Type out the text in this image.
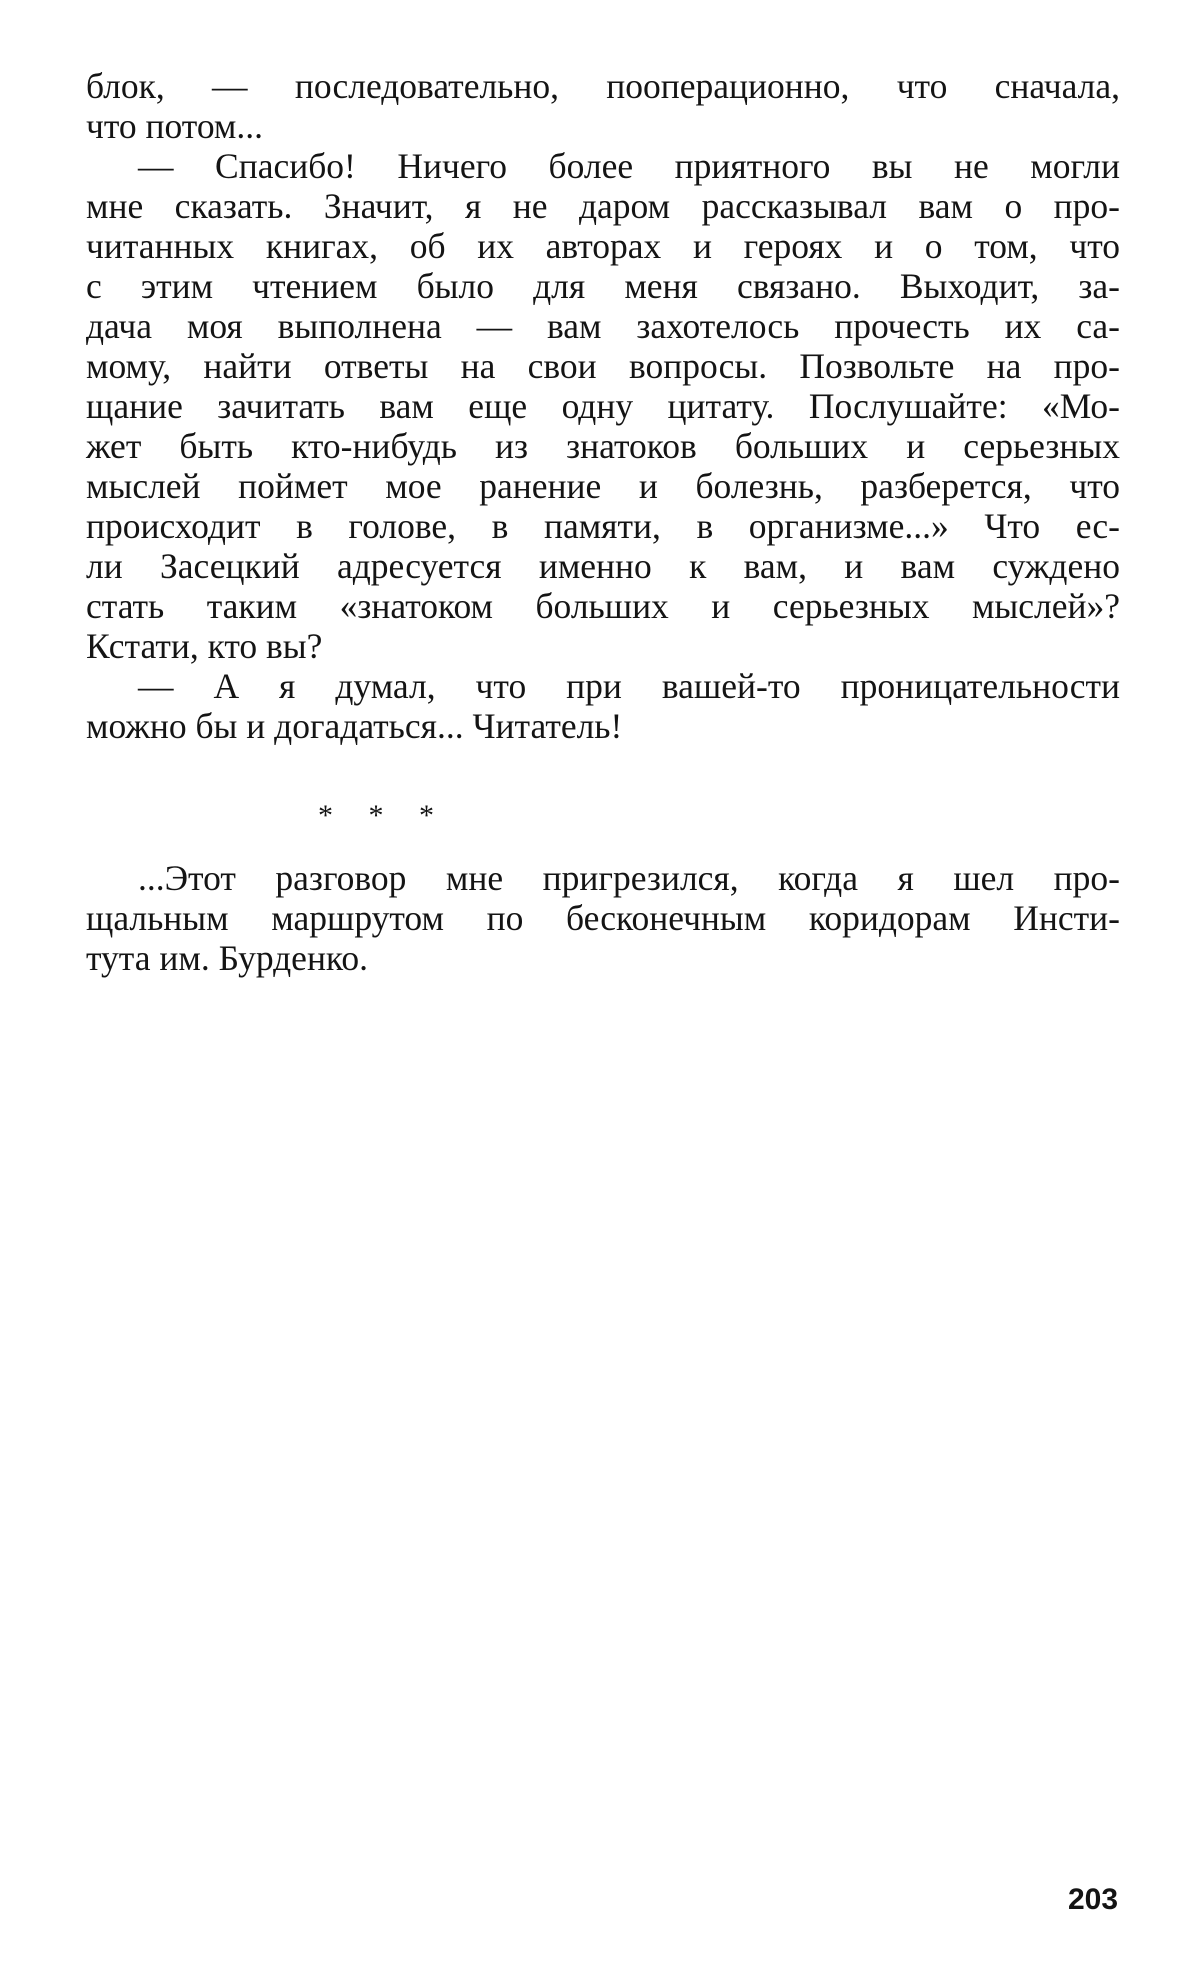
блок, — последовательно, пооперационно, что сначала,
что потом...
— Спасибо! Ничего более приятного вы не могли
мне сказать. Значит, я не даром рассказывал вам о про-
читанных книгах, об их авторах и героях и о том, что
с этим чтением было для меня связано. Выходит, за-
дача моя выполнена — вам захотелось прочесть их са-
мому, найти ответы на свои вопросы. Позвольте на про-
щание зачитать вам еще одну цитату. Послушайте: «Мо-
жет быть кто-нибудь из знатоков больших и серьезных
мыслей поймет мое ранение и болезнь, разберется, что
происходит в голове, в памяти, в организме...» Что ес-
ли Засецкий адресуется именно к вам, и вам суждено
стать таким «знатоком больших и серьезных мыслей»?
Кстати, кто вы?
— А я думал, что при вашей-то проницательности
можно бы и догадаться... Читатель!
* * *
...Этот разговор мне пригрезился, когда я шел про-
щальным маршрутом по бесконечным коридорам Инсти-
тута им. Бурденко.
203
